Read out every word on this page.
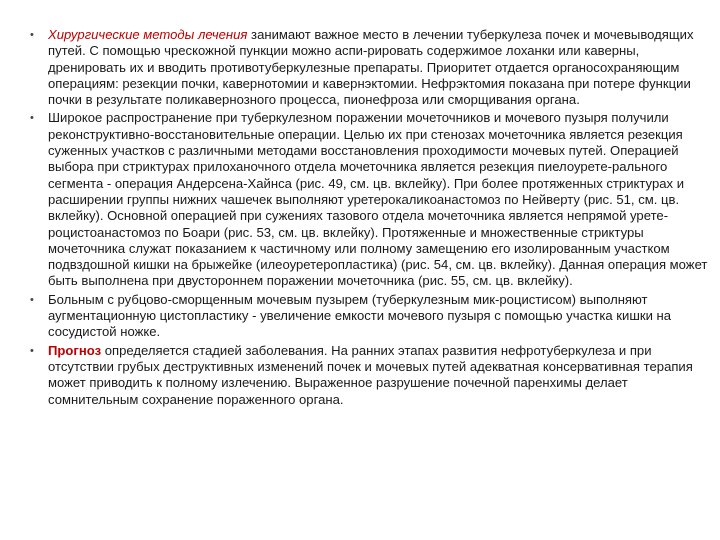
•	Хирургические методы лечения занимают важное место в лечении туберкулеза почек и мочевыводящих путей. С помощью чрескожной пункции можно аспи-рировать содержимое лоханки или каверны, дренировать их и вводить противотуберкулезные препараты. Приоритет отдается органосохраняющим операциям: резекции почки, кавернотомии и кавернэктомии. Нефрэктомия показана при потере функции почки в результате поликавернозного процесса, пионефроза или сморщивания органа.
•	Широкое распространение при туберкулезном поражении мочеточников и мочевого пузыря получили реконструктивно-восстановительные операции. Целью их при стенозах мочеточника является резекция суженных участков с различными методами восстановления проходимости мочевых путей. Операцией выбора при стриктурах прилоханочного отдела мочеточника является резекция пиелоурете-рального сегмента - операция Андерсена-Хайнса (рис. 49, см. цв. вклейку). При более протяженных стриктурах и расширении группы нижних чашечек выполняют уретерокаликоанастомоз по Нейверту (рис. 51, см. цв. вклейку). Основной операцией при сужениях тазового отдела мочеточника является непрямой урете-роцистоанастомоз по Боари (рис. 53, см. цв. вклейку). Протяженные и множественные стриктуры мочеточника служат показанием к частичному или полному замещению его изолированным участком подвздошной кишки на брыжейке (илеоуретеропластика) (рис. 54, см. цв. вклейку). Данная операция может быть выполнена при двустороннем поражении мочеточника (рис. 55, см. цв. вклейку).
•	Больным с рубцово-сморщенным мочевым пузырем (туберкулезным мик-роцистисом) выполняют аугментационную цистопластику - увеличение емкости мочевого пузыря с помощью участка кишки на сосудистой ножке.
•	Прогноз определяется стадией заболевания. На ранних этапах развития нефротуберкулеза и при отсутствии грубых деструктивных изменений почек и мочевых путей адекватная консервативная терапия может приводить к полному излечению. Выраженное разрушение почечной паренхимы делает сомнительным сохранение пораженного органа.
